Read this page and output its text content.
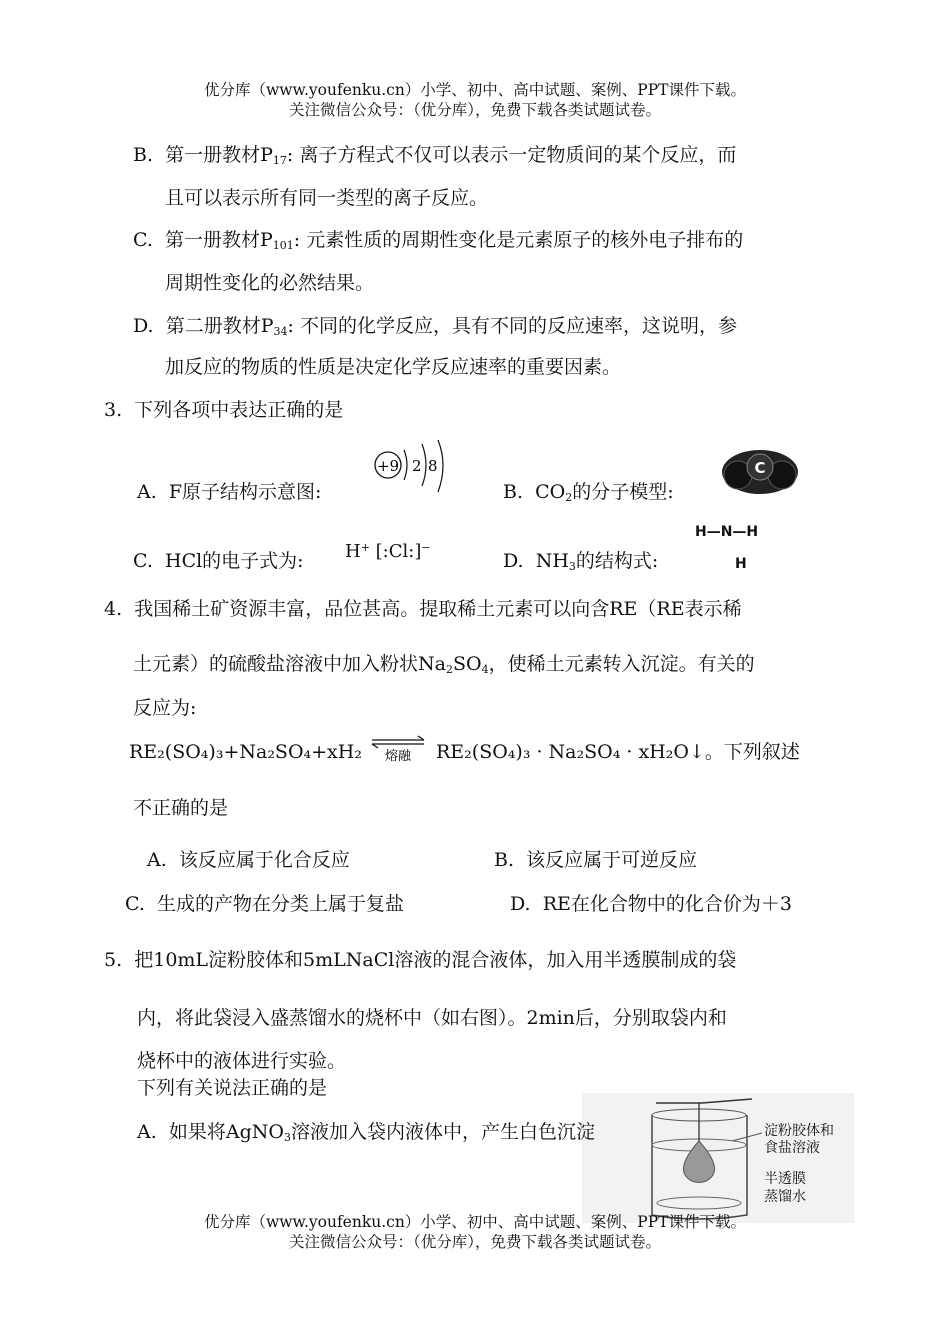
优分库（www.youfenku.cn）小学、初中、高中试题、案例、PPT课件下载。
关注微信公众号：（优分库），免费下载各类试题试卷。
B. 第一册教材$P_{17}$: 离子方程式不仅可以表示一定物质间的某个反应，而
且可以表示所有同一类型的离子反应。
C. 第一册教材$P_{101}$: 元素性质的周期性变化是元素原子的核外电子排布的
周期性变化的必然结果。
D. 第二册教材$P_{34}$: 不同的化学反应，具有不同的反应速率，这说明，参
加反应的物质的性质是决定化学反应速率的重要因素。
3. 下列各项中表达正确的是
A. F原子结构示意图:
+9 2 8
B. $CO_2$的分子模型:
C
C. HCl的电子式为: H+ [:Cl:]−
D. $NH_3$的结构式:
H—N—H
H
4. 我国稀土矿资源丰富，品位甚高。提取稀土元素可以向含RE（RE表示稀
土元素）的硫酸盐溶液中加入粉状$Na_2SO_4$，使稀土元素转入沉淀。有关的
反应为:
RE₂(SO₄)₃+Na₂SO₄+xH₂ 熔融 RE₂(SO₄)₃ · Na₂SO₄ · xH₂O↓。下列叙述
不正确的是
A. 该反应属于化合反应	B. 该反应属于可逆反应
C. 生成的产物在分类上属于复盐	D. RE在化合物中的化合价为＋3
5. 把10mL淀粉胶体和5mLNaCl溶液的混合液体，加入用半透膜制成的袋
内，将此袋浸入盛蒸馏水的烧杯中（如右图）。2min后，分别取袋内和
烧杯中的液体进行实验。
下列有关说法正确的是
淀粉胶体和
食盐溶液
半透膜
蒸馏水
A. 如果将AgNO$_3$溶液加入袋内液体中，产生白色沉淀
优分库（www.youfenku.cn）小学、初中、高中试题、案例、PPT课件下载。
关注微信公众号：（优分库），免费下载各类试题试卷。
